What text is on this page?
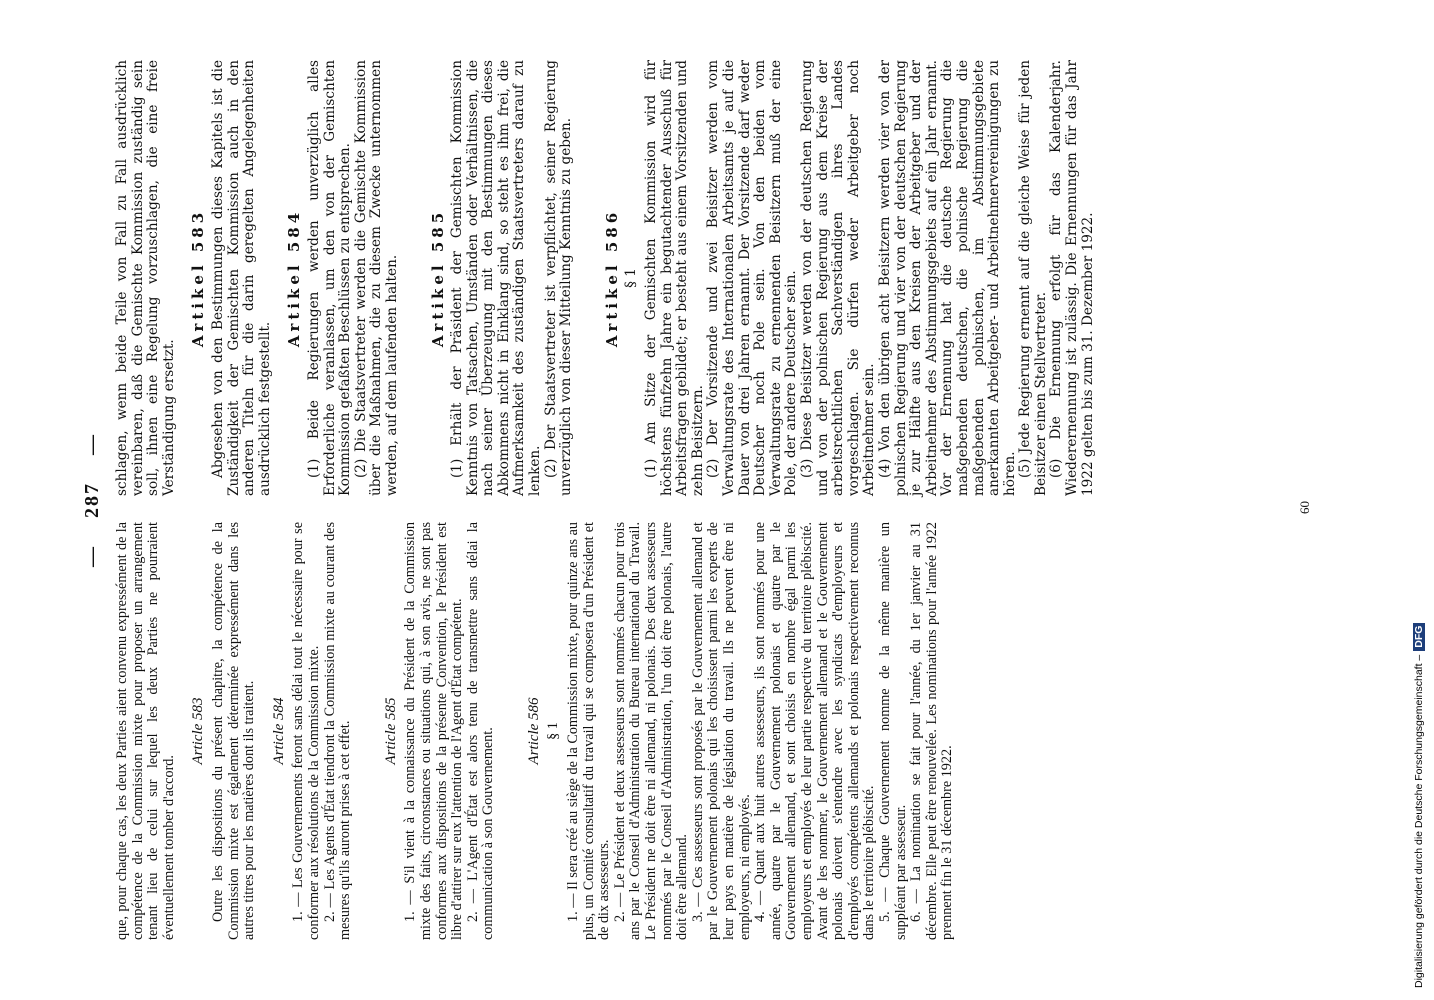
— 287 —

que, pour chaque cas, les deux Parties aient convenu expressément de la compétence de la Commission mixte pour proposer un arrangement tenant lieu de celui sur lequel les deux Parties ne pourraient éventuellement tomber d'accord.

Article 583 Outre les dispositions du présent chapitre, la compétence de la Commission mixte est également déterminée expressément dans les autres titres pour les matières dont ils traitent. Article 584 1. — Les Gouvernements feront sans délai tout le nécessaire pour se conformer aux résolutions de la Commission mixte. 2. — Les Agents d'État tiendront la Commission mixte au courant des mesures qu'ils auront prises à cet effet. Article 585 1. — S'il vient à la connaissance du Président de la Commission mixte des faits, circonstances ou situations qui, à son avis, ne sont pas conformes aux dispositions de la présente Convention, le Président est libre d'attirer sur eux l'attention de l'Agent d'État compétent. 2. — L'Agent d'État est alors tenu de transmettre sans délai la communication à son Gouvernement. Article 586 § 1 1. — Il sera créé au siège de la Commission mixte, pour quinze ans au plus, un Comité consultatif du travail qui se composera d'un Président et de dix assesseurs. 2. — Le Président et deux assesseurs sont nommés chacun pour trois ans par le Conseil d'Administration du Bureau international du Travail. Le Président ne doit être ni allemand, ni polonais. Des deux assesseurs nommés par le Conseil d'Administration, l'un doit être polonais, l'autre doit être allemand. 3. — Ces assesseurs sont proposés par le Gouvernement allemand et par le Gouvernement polonais qui les choisissent parmi les experts de leur pays en matière de législation du travail. Ils ne peuvent être ni employeurs, ni employés. 4. — Quant aux huit autres assesseurs, ils sont nommés pour une année, quatre par le Gouvernement polonais et quatre par le Gouvernement allemand, et sont choisis en nombre égal parmi les employeurs et employés de leur partie respective du territoire plébiscité. Avant de les nommer, le Gouvernement allemand et le Gouvernement polonais doivent s'entendre avec les syndicats d'employeurs et d'employés compétents allemands et polonais respectivement reconnus dans le territoire plébiscité. 5. — Chaque Gouvernement nomme de la même manière un suppléant par assesseur. 6. — La nomination se fait pour l'année, du 1er janvier au 31 décembre. Elle peut être renouvelée. Les nominations pour l'année 1922 prennent fin le 31 décembre 1922.

schlagen, wenn beide Teile von Fall zu Fall ausdrücklich vereinbaren, daß die Gemischte Kommission zuständig sein soll, ihnen eine Regelung vorzuschlagen, die eine freie Verständigung ersetzt.

Artikel 583 Abgesehen von den Bestimmungen dieses Kapitels ist die Zuständigkeit der Gemischten Kommission auch in den anderen Titeln für die darin geregelten Angelegenheiten ausdrücklich festgestellt.

Artikel 584 (1) Beide Regierungen werden unverzüglich alles Erforderliche veranlassen, um den von der Gemischten Kommission gefaßten Beschlüssen zu entsprechen. (2) Die Staatsvertreter werden die Gemischte Kommission über die Maßnahmen, die zu diesem Zwecke unternommen werden, auf dem laufenden halten. Artikel 585 (1) Erhält der Präsident der Gemischten Kommission Kenntnis von Tatsachen, Umständen oder Verhältnissen, die nach seiner Überzeugung mit den Bestimmungen dieses Abkommens nicht in Einklang sind, so steht es ihm frei, die Aufmerksamkeit des zuständigen Staatsvertreters darauf zu lenken. (2) Der Staatsvertreter ist verpflichtet, seiner Regierung unverzüglich von dieser Mitteilung Kenntnis zu geben. Artikel 586 § 1 (1) Am Sitze der Gemischten Kommission wird für höchstens fünfzehn Jahre ein begutachtender Ausschuß für Arbeitsfragen gebildet; er besteht aus einem Vorsitzenden und zehn Beisitzern. (2) Der Vorsitzende und zwei Beisitzer werden vom Verwaltungsrate des Internationalen Arbeitsamts je auf die Dauer von drei Jahren ernannt. Der Vorsitzende darf weder Deutscher noch Pole sein. Von den beiden vom Verwaltungsrate zu ernennenden Beisitzern muß der eine Pole, der andere Deutscher sein. (3) Diese Beisitzer werden von der deutschen Regierung und von der polnischen Regierung aus dem Kreise der arbeitsrechtlichen Sachverständigen ihres Landes vorgeschlagen. Sie dürfen weder Arbeitgeber noch Arbeitnehmer sein. (4) Von den übrigen acht Beisitzern werden vier von der polnischen Regierung und vier von der deutschen Regierung je zur Hälfte aus den Kreisen der Arbeitgeber und der Arbeitnehmer des Abstimmungsgebiets auf ein Jahr ernannt. Vor der Ernennung hat die deutsche Regierung die maßgebenden deutschen, die polnische Regierung die maßgebenden polnischen, im Abstimmungsgebiete anerkannten Arbeitgeber- und Arbeitnehmervereinigungen zu hören. (5) Jede Regierung ernennt auf die gleiche Weise für jeden Beisitzer einen Stellvertreter. (6) Die Ernennung erfolgt für das Kalenderjahr. Wiederernennung ist zulässig. Die Ernennungen für das Jahr 1922 gelten bis zum 31. Dezember 1922.

60
Digitalisierung gefördert durch die Deutsche Forschungsgemeinschaft –DFG
